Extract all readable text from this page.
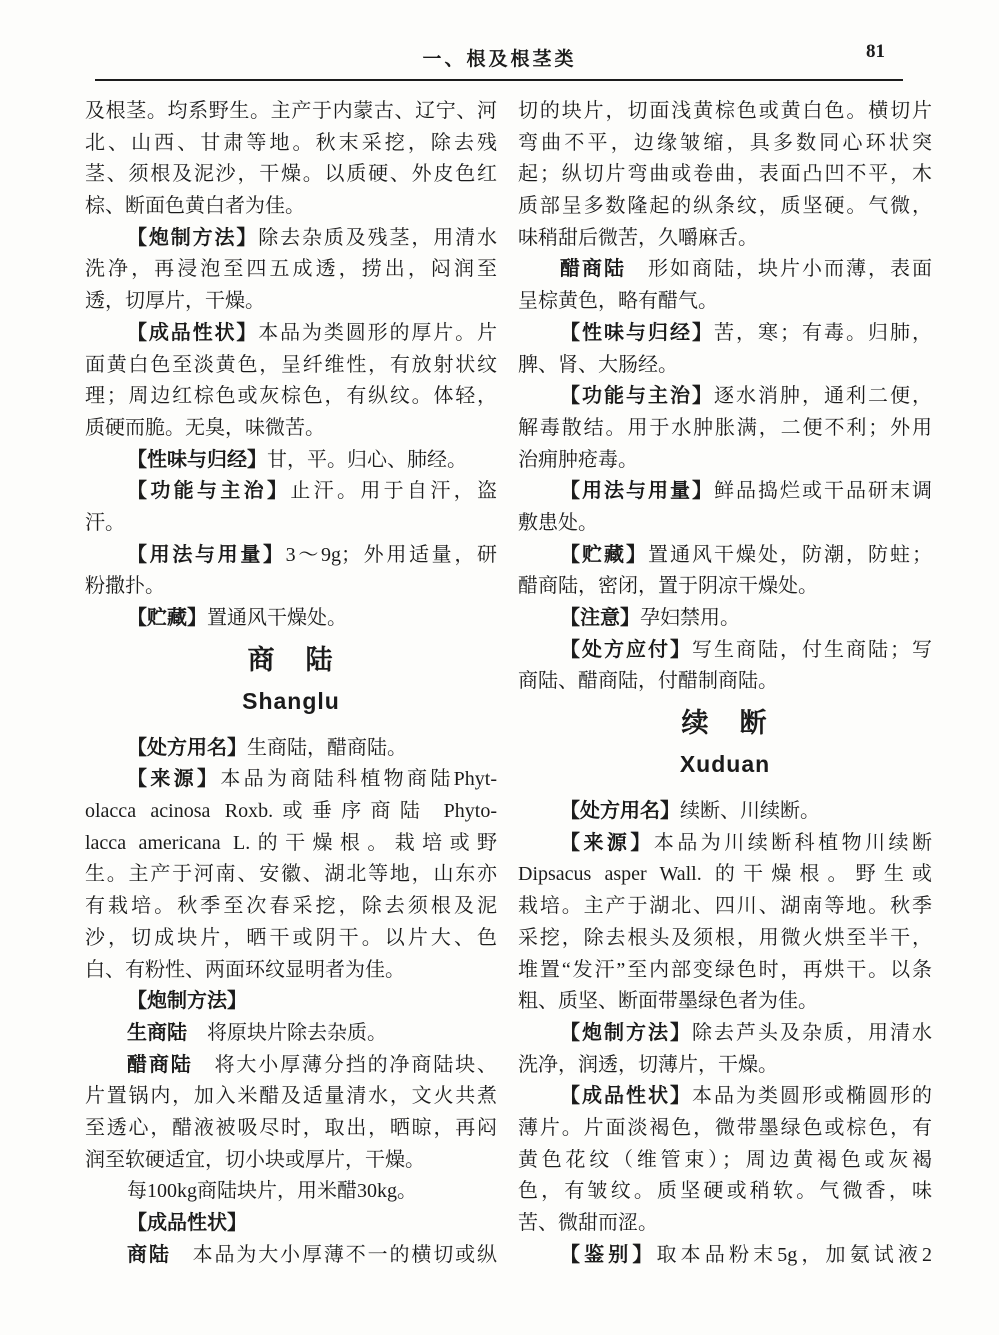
一、根及根茎类	81
及根茎。均系野生。主产于内蒙古、辽宁、河
北、山西、甘肃等地。秋末采挖，除去残
茎、须根及泥沙，干燥。以质硬、外皮色红
棕、断面色黄白者为佳。
【炮制方法】除去杂质及残茎，用清水
洗净，再浸泡至四五成透，捞出，闷润至
透，切厚片，干燥。
【成品性状】本品为类圆形的厚片。片
面黄白色至淡黄色，呈纤维性，有放射状纹
理；周边红棕色或灰棕色，有纵纹。体轻，
质硬而脆。无臭，味微苦。
【性味与归经】甘，平。归心、肺经。
【功能与主治】止汗。用于自汗，盗
汗。
【用法与用量】3～9g；外用适量，研
粉撒扑。
【贮藏】置通风干燥处。
商　陆
Shanglu
【处方用名】生商陆，醋商陆。
【来源】本品为商陆科植物商陆Phyt-
olacca acinosa Roxb.或垂序商陆 Phyto-
lacca americana L.的干燥根。栽培或野
生。主产于河南、安徽、湖北等地，山东亦
有栽培。秋季至次春采挖，除去须根及泥
沙，切成块片，晒干或阴干。以片大、色
白、有粉性、两面环纹显明者为佳。
【炮制方法】
生商陆　将原块片除去杂质。
醋商陆　将大小厚薄分挡的净商陆块、
片置锅内，加入米醋及适量清水，文火共煮
至透心，醋液被吸尽时，取出，晒晾，再闷
润至软硬适宜，切小块或厚片，干燥。
每100kg商陆块片，用米醋30kg。
【成品性状】
商陆　本品为大小厚薄不一的横切或纵
切的块片，切面浅黄棕色或黄白色。横切片
弯曲不平，边缘皱缩，具多数同心环状突
起；纵切片弯曲或卷曲，表面凸凹不平，木
质部呈多数隆起的纵条纹，质坚硬。气微，
味稍甜后微苦，久嚼麻舌。
醋商陆　形如商陆，块片小而薄，表面
呈棕黄色，略有醋气。
【性味与归经】苦，寒；有毒。归肺，
脾、肾、大肠经。
【功能与主治】逐水消肿，通利二便，
解毒散结。用于水肿胀满，二便不利；外用
治痈肿疮毒。
【用法与用量】鲜品捣烂或干品研末调
敷患处。
【贮藏】置通风干燥处，防潮，防蛀；
醋商陆，密闭，置于阴凉干燥处。
【注意】孕妇禁用。
【处方应付】写生商陆，付生商陆；写
商陆、醋商陆，付醋制商陆。
续　断
Xuduan
【处方用名】续断、川续断。
【来源】本品为川续断科植物川续断
Dipsacus asper Wall. 的干燥根。野生或
栽培。主产于湖北、四川、湖南等地。秋季
采挖，除去根头及须根，用微火烘至半干，
堆置“发汗”至内部变绿色时，再烘干。以条
粗、质坚、断面带墨绿色者为佳。
【炮制方法】除去芦头及杂质，用清水
洗净，润透，切薄片，干燥。
【成品性状】本品为类圆形或椭圆形的
薄片。片面淡褐色，微带墨绿色或棕色，有
黄色花纹（维管束）；周边黄褐色或灰褐
色，有皱纹。质坚硬或稍软。气微香，味
苦、微甜而涩。
【鉴别】取本品粉末5g，加氨试液2
